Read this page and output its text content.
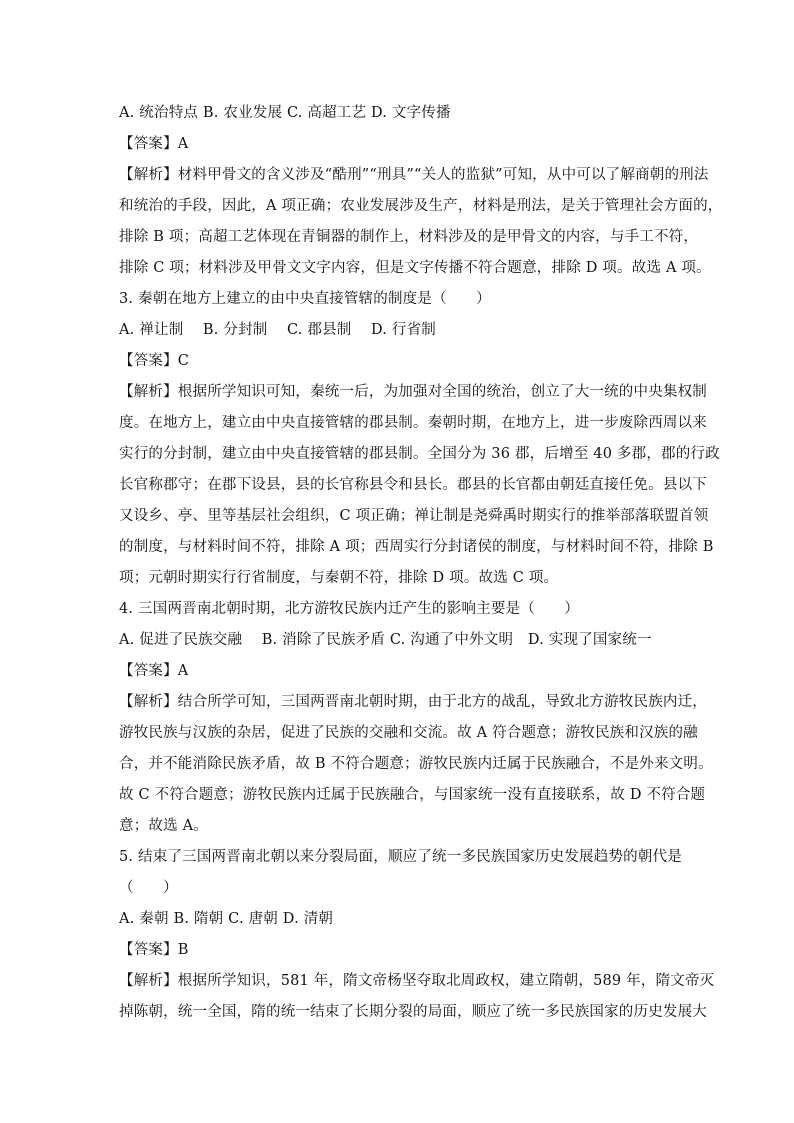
A. 统治特点 B. 农业发展 C. 高超工艺 D. 文字传播
【答案】A
【解析】材料甲骨文的含义涉及“酷刑”“刑具”“关人的监狱”可知，从中可以了解商朝的刑法
和统治的手段，因此，A 项正确；农业发展涉及生产，材料是刑法，是关于管理社会方面的，
排除 B 项；高超工艺体现在青铜器的制作上，材料涉及的是甲骨文的内容，与手工不符，
排除 C 项；材料涉及甲骨文文字内容，但是文字传播不符合题意，排除 D 项。故选 A 项。
3. 秦朝在地方上建立的由中央直接管辖的制度是（　　）
A. 禅让制　 B. 分封制　 C. 郡县制　 D. 行省制
【答案】C
【解析】根据所学知识可知，秦统一后，为加强对全国的统治，创立了大一统的中央集权制
度。在地方上，建立由中央直接管辖的郡县制。秦朝时期，在地方上，进一步废除西周以来
实行的分封制，建立由中央直接管辖的郡县制。全国分为 36 郡，后增至 40 多郡，郡的行政
长官称郡守；在郡下设县，县的长官称县令和县长。郡县的长官都由朝廷直接任免。县以下
又设乡、亭、里等基层社会组织，C 项正确；禅让制是尧舜禹时期实行的推举部落联盟首领
的制度，与材料时间不符，排除 A 项；西周实行分封诸侯的制度，与材料时间不符，排除 B
项；元朝时期实行行省制度，与秦朝不符，排除 D 项。故选 C 项。
4. 三国两晋南北朝时期，北方游牧民族内迁产生的影响主要是（　　）
A. 促进了民族交融　 B. 消除了民族矛盾 C. 沟通了中外文明　D. 实现了国家统一
【答案】A
【解析】结合所学可知，三国两晋南北朝时期，由于北方的战乱，导致北方游牧民族内迁，
游牧民族与汉族的杂居，促进了民族的交融和交流。故 A 符合题意；游牧民族和汉族的融
合，并不能消除民族矛盾，故 B 不符合题意；游牧民族内迁属于民族融合，不是外来文明。
故 C 不符合题意；游牧民族内迁属于民族融合，与国家统一没有直接联系，故 D 不符合题
意；故选 A。
5. 结束了三国两晋南北朝以来分裂局面，顺应了统一多民族国家历史发展趋势的朝代是
（　　）
A. 秦朝 B. 隋朝 C. 唐朝 D. 清朝
【答案】B
【解析】根据所学知识，581 年，隋文帝杨坚夺取北周政权，建立隋朝，589 年，隋文帝灭
掉陈朝，统一全国，隋的统一结束了长期分裂的局面，顺应了统一多民族国家的历史发展大
